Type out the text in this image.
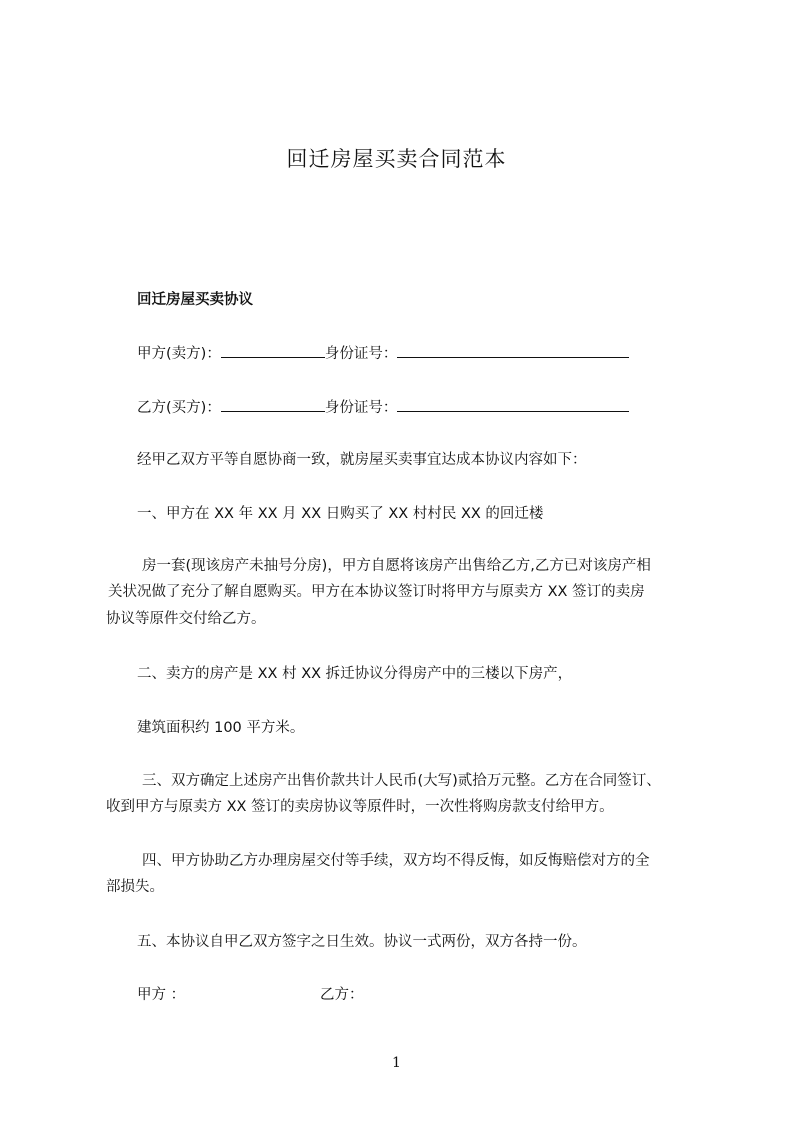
回迁房屋买卖合同范本
回迁房屋买卖协议
甲方(卖方)：	身份证号：
乙方(买方)：	身份证号：
经甲乙双方平等自愿协商一致，就房屋买卖事宜达成本协议内容如下：
一、甲方在 XX 年 XX 月 XX 日购买了 XX 村村民 XX 的回迁楼
房一套(现该房产未抽号分房)，甲方自愿将该房产出售给乙方,乙方已对该房产相
关状况做了充分了解自愿购买。甲方在本协议签订时将甲方与原卖方 XX 签订的卖房
协议等原件交付给乙方。
二、卖方的房产是 XX 村 XX 拆迁协议分得房产中的三楼以下房产，
建筑面积约 100 平方米。
三、双方确定上述房产出售价款共计人民币(大写)贰拾万元整。乙方在合同签订、
收到甲方与原卖方 XX 签订的卖房协议等原件时，一次性将购房款支付给甲方。
四、甲方协助乙方办理房屋交付等手续，双方均不得反悔，如反悔赔偿对方的全
部损失。
五、本协议自甲乙双方签字之日生效。协议一式两份，双方各持一份。
甲方 ：	乙方：
1
